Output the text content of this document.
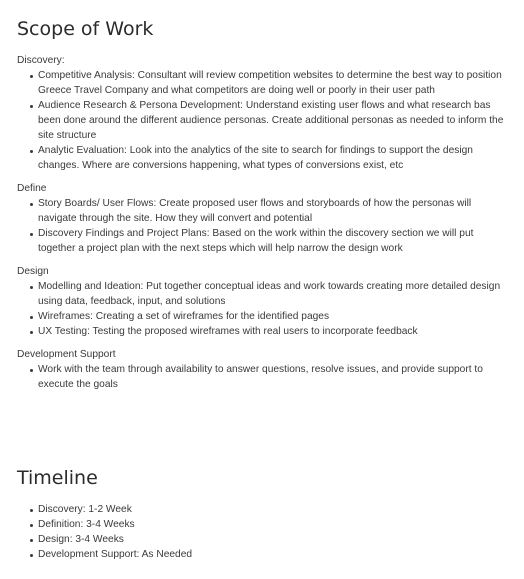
Scope of Work

Discovery:

Competitive Analysis: Consultant will review competition websites to determine the best way to position Greece Travel Company and what competitors are doing well or poorly in their user path
Audience Research & Persona Development: Understand existing user flows and what research bas been done around the different audience personas. Create additional personas as needed to inform the site structure
Analytic Evaluation: Look into the analytics of the site to search for findings to support the design changes. Where are conversions happening, what types of conversions exist, etc

Define

Story Boards/ User Flows: Create proposed user flows and storyboards of how the personas will navigate through the site. How they will convert and potential
Discovery Findings and Project Plans: Based on the work within the discovery section we will put together a project plan with the next steps which will help narrow the design work

Design

Modelling and Ideation: Put together conceptual ideas and work towards creating more detailed design using data, feedback, input, and solutions
Wireframes: Creating a set of wireframes for the identified pages
UX Testing: Testing the proposed wireframes with real users to incorporate feedback

Development Support

Work with the team through availability to answer questions, resolve issues, and provide support to execute the goals
Timeline
Discovery: 1-2 Week
Definition: 3-4 Weeks
Design: 3-4 Weeks
Development Support: As Needed
